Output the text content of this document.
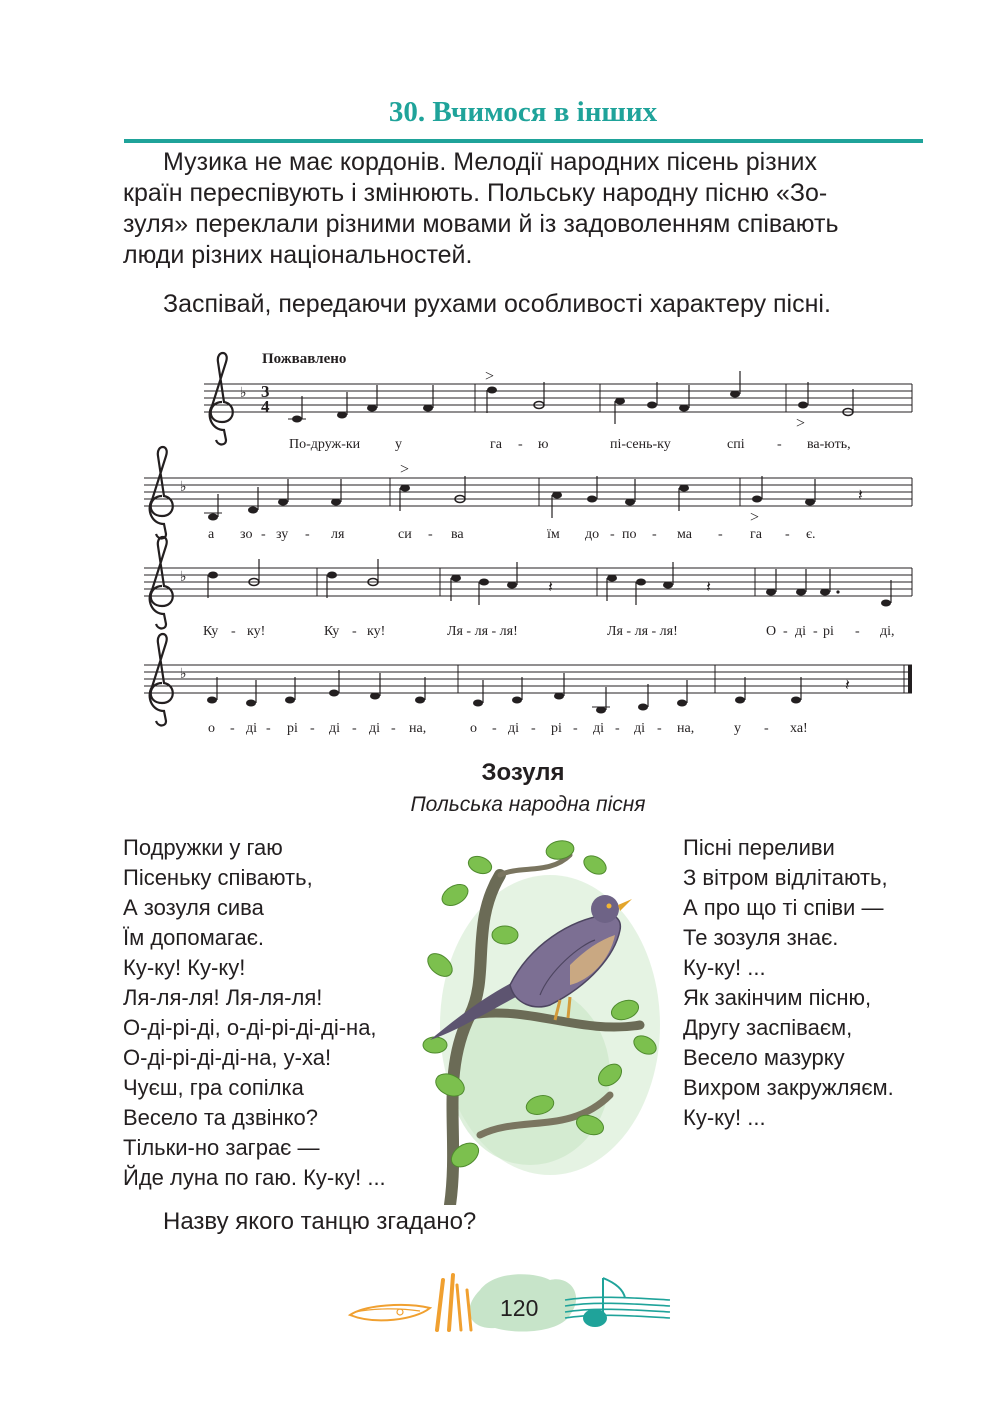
30. Вчимося в інших
Музика не має кордонів. Мелодії народних пісень різних
країн переспівують і змінюють. Польську народну пісню «Зо-
зуля» переклали різними мовами й із задоволенням співають
люди різних національностей.
Заспівай, передаючи рухами особливості характеру пісні.
Пожвавлено
3
4
♭
>
>
По-друж-ки у	га - ю	пі-сень-ку	спі - ва-ють,
♭	𝄽
>
>
а зо - зу - ля	си - ва	їм до - по - ма - га - є.
♭
𝄽	𝄽
Ку - ку!	Ку - ку!	Ля - ля - ля!	Ля - ля - ля!	О - ді - рі - ді,
♭
𝄽
о - ді - рі - ді - ді - на,	о - ді - рі - ді - ді - на,	у - ха!
Зозуля
Польська народна пісня
Подружки у гаю
Пісеньку співають,
А зозуля сива
Їм допомагає.
Ку-ку! Ку-ку!
Ля-ля-ля! Ля-ля-ля!
О-ді-рі-ді, о-ді-рі-ді-ді-на,
О-ді-рі-ді-ді-на, у-ха!
Чуєш, гра сопілка
Весело та дзвінко?
Тільки-но заграє —
Йде луна по гаю. Ку-ку! ...
Пісні переливи
З вітром відлітають,
А про що ті співи —
Те зозуля знає.
Ку-ку! ...
Як закінчим пісню,
Другу заспіваєм,
Весело мазурку
Вихром закружляєм.
Ку-ку! ...
Назву якого танцю згадано?
120
